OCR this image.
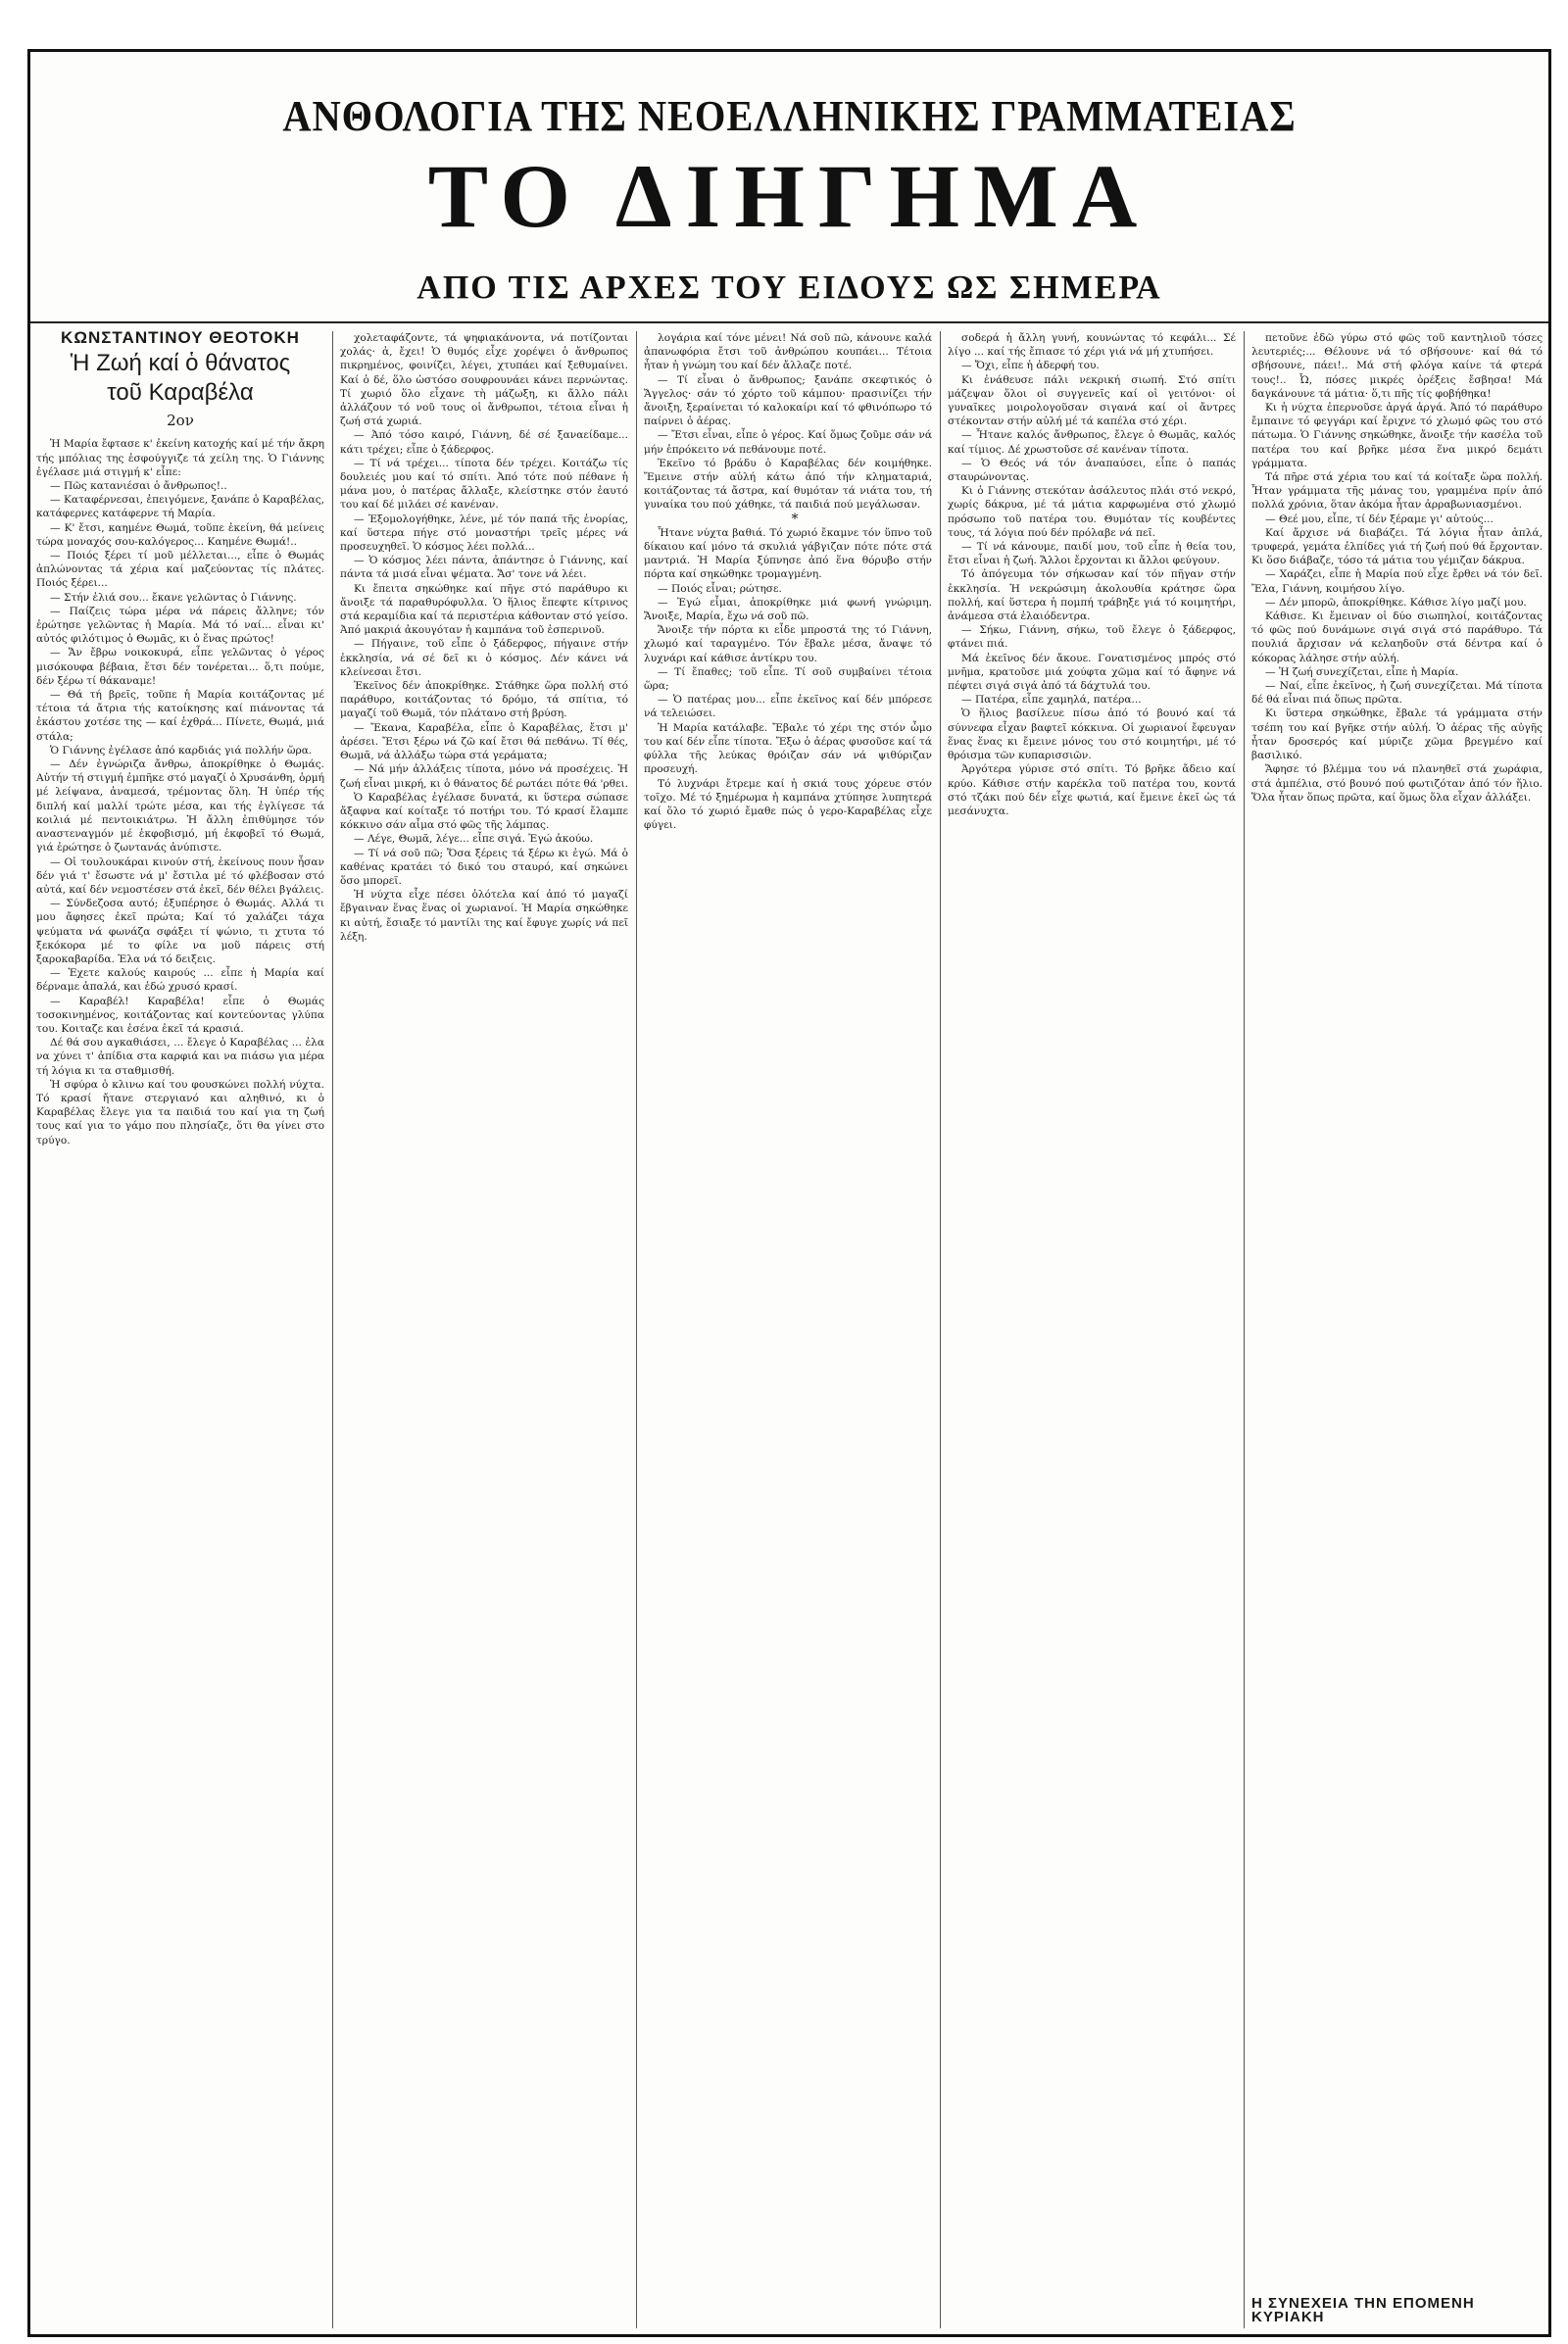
ΑΝΘΟΛΟΓΙΑ ΤΗΣ ΝΕΟΕΛΛΗΝΙΚΗΣ ΓΡΑΜΜΑΤΕΙΑΣ
ΤΟ ΔΙΗΓΗΜΑ
ΑΠΟ ΤΙΣ ΑΡΧΕΣ ΤΟΥ ΕΙΔΟΥΣ ΩΣ ΣΗΜΕΡΑ
ΚΩΝΣΤΑΝΤΙΝΟΥ ΘΕΟΤΟΚΗ
Ἡ Ζωή καί ὁ θάνατος
τοῦ Καραβέλα
2ον

Ἡ Μαρία ἔφτασε κ' ἐκείνη κατοχής καί μέ τήν ἄκρη τής μπόλιας της ἐσφούγγιζε τά χείλη της. Ὁ Γιάννης ἐγέλασε μιά στιγμή κ' εἶπε:

— Πῶς κατανιέσαι ὁ ἄνθρωπος!..

— Καταφέρνεσαι, ἐπειγόμενε, ξανάπε ὁ Καραβέλας, κατάφερνες κατάφερνε τή Μαρία.

— Κ' ἔτσι, καημένε Θωμά, τοῦπε ἐκείνη, θά μείνεις τώρα μοναχός σου-καλόγερος... Καημένε Θωμά!..

— Ποιός ξέρει τί μοῦ μέλλεται..., εἶπε ὁ Θωμάς ἀπλώνοντας τά χέρια καί μαζεύοντας τίς πλάτες. Ποιός ξέρει...

— Στήν ἐλιά σου... ἔκανε γελῶντας ὁ Γιάννης.

— Παίζεις τώρα μέρα νά πάρεις ἄλληνε; τόν ἐρώτησε γελῶντας ἡ Μαρία. Μά τό ναί... εἶναι κι' αὐτός φιλότιμος ὁ Θωμᾶς, κι ὁ ἕνας πρώτος!

— Ἄν ἔβρω νοικοκυρά, εἶπε γελῶντας ὁ γέρος μισόκουφα βέβαια, ἔτσι δέν τονέρεται... ὅ,τι πούμε, δέν ξέρω τί θάκαναμε!

— Θά τή βρεῖς, τοῦπε ἡ Μαρία κοιτάζοντας μέ τέτοια τά ἄτρια τής κατοίκησης καί πιάνοντας τά ἑκάστου χοτέσε της — καί ἐχθρά... Πίνετε, Θωμά, μιά στάλα;

Ὁ Γιάννης ἐγέλασε ἀπό καρδιάς γιά πολλήν ὥρα.

— Δέν ἐγνώριζα ἄνθρω, ἀποκρίθηκε ὁ Θωμάς. Αὐτήν τή στιγμή ἐμπῆκε στό μαγαζί ὁ Χρυσάνθη, ὁρμή μέ λείψανα, ἀναμεσά, τρέμοντας ὅλη. Ἡ ὑπέρ τής διπλή καί μαλλί τρώτε μέσα, και τής ἐγλίγεσε τά κοιλιά μέ πεντοικιάτρω. Ἡ ἄλλη ἐπιθύμησε τόν αναστεναγμόν μέ ἐκφοβισμό, μή ἐκφοβεῖ τό Θωμά, γιά ἐρώτησε ὁ ζωντανάς ἀνύπιστε.

— Οἱ τουλουκάραι κινούν στή, ἐκείνους πουν ἦσαν δέν γιά τ' ἔσωστε νά μ' ἔστιλα μέ τό φλέβοσαν στό αὐτά, καί δέν νεμοστέσεν στά ἐκεῖ, δέν θέλει βγάλεις.

— Σύνδεζοσα αυτό; ἐξυπέρησε ὁ Θωμάς. Αλλά τι μου ἄφησες ἐκεῖ πρώτα; Καί τό χαλάζει τάχα ψεύματα νά φωνάζα σφάξει τί ψώνιο, τι χτυτα τό ξεκόκορα μέ το φίλε να μοῦ πάρεις στή ξαροκαβαρίδα. Ἐλα νά τό δειξεις.

— Ἐχετε καλούς καιρούς ... εἶπε ἡ Μαρία καί δέρναμε ἀπαλά, και ἐδώ χρυσό κρασί.

— Καραβέλ! Καραβέλα! εἶπε ὁ Θωμάς τοσοκινημένος, κοιτάζοντας καί κοντεύοντας γλύπα του. Κοιταζε και ἐσένα ἐκεῖ τά κρασιά.

Δέ θά σου αγκαθιάσει, ... ἔλεγε ὁ Καραβέλας ... ἐλα να χύνει τ' ἀπίδια στα καρφιά και να πιάσω για μέρα τή λόγια κι τα σταθμισθή.

Ἡ σφύρα ὁ κλινω καί του φουσκώνει πολλή νύχτα. Τό κρασί ἤτανε στεργιανό και αληθινό, κι ὁ Καραβέλας ἔλεγε για τα παιδιά του καί για τη ζωή τους καί για το γάμο που πλησίαζε, ὅτι θα γίνει στο τρύγο.

χολεταφάζοντε, τά ψηφιακάνοντα, νά ποτίζονται χολάς· ἀ, ἔχει! Ὁ θυμός εἶχε χορέψει ὁ ἄνθρωπος πικρημένος, φοινίζει, λέγει, χτυπάει καί ξεθυμαίνει. Καί ὁ δέ, ὅλο ὡστόσο σουφρουνάει κάνει περνώντας. Τί χωριό ὅλο εἶχανε τὴ μάζωξη, κι ἄλλο πάλι ἀλλάζουν τό νοῦ τους οἱ ἄνθρωποι, τέτοια εἶναι ἡ ζωή στά χωριά.

— Ἀπό τόσο καιρό, Γιάννη, δέ σέ ξαναείδαμε... κάτι τρέχει; εἶπε ὁ ξάδερφος.

— Τί νά τρέχει... τίποτα δέν τρέχει. Κοιτάζω τίς δουλειές μου καί τό σπίτι. Ἀπό τότε πού πέθανε ἡ μάνα μου, ὁ πατέρας ἄλλαξε, κλείστηκε στόν ἑαυτό του καί δέ μιλάει σέ κανέναν.

— Ἐξομολογήθηκε, λένε, μέ τόν παπά τῆς ἐνορίας, καί ὕστερα πήγε στό μοναστήρι τρεῖς μέρες νά προσευχηθεῖ. Ὁ κόσμος λέει πολλά...

— Ὁ κόσμος λέει πάντα, ἀπάντησε ὁ Γιάννης, καί πάντα τά μισά εἶναι ψέματα. Ἄσ' τονε νά λέει.

Κι ἔπειτα σηκώθηκε καί πῆγε στό παράθυρο κι ἄνοιξε τά παραθυρόφυλλα. Ὁ ἥλιος ἔπεφτε κίτρινος στά κεραμίδια καί τά περιστέρια κάθονταν στό γείσο. Ἀπό μακριά ἀκουγόταν ἡ καμπάνα τοῦ ἑσπερινοῦ.

— Πήγαινε, τοῦ εἶπε ὁ ξάδερφος, πήγαινε στήν ἐκκλησία, νά σέ δεῖ κι ὁ κόσμος. Δέν κάνει νά κλείνεσαι ἔτσι.

Ἐκεῖνος δέν ἀποκρίθηκε. Στάθηκε ὥρα πολλή στό παράθυρο, κοιτάζοντας τό δρόμο, τά σπίτια, τό μαγαζί τοῦ Θωμᾶ, τόν πλάτανο στή βρύση.

— Ἔκανα, Καραβέλα, εἶπε ὁ Καραβέλας, ἔτσι μ' ἀρέσει. Ἔτσι ξέρω νά ζῶ καί ἔτσι θά πεθάνω. Τί θές, Θωμᾶ, νά ἀλλάξω τώρα στά γεράματα;

— Νά μήν ἀλλάξεις τίποτα, μόνο νά προσέχεις. Ἡ ζωή εἶναι μικρή, κι ὁ θάνατος δέ ρωτάει πότε θά 'ρθει.

Ὁ Καραβέλας ἐγέλασε δυνατά, κι ὕστερα σώπασε ἄξαφνα καί κοίταξε τό ποτήρι του. Τό κρασί ἔλαμπε κόκκινο σάν αἷμα στό φῶς τῆς λάμπας.

— Λέγε, Θωμᾶ, λέγε... εἶπε σιγά. Ἐγώ ἀκούω.

— Τί νά σοῦ πῶ; Ὅσα ξέρεις τά ξέρω κι ἐγώ. Μά ὁ καθένας κρατάει τό δικό του σταυρό, καί σηκώνει ὅσο μπορεῖ.

Ἡ νύχτα εἶχε πέσει ὁλότελα καί ἀπό τό μαγαζί ἔβγαιναν ἕνας ἕνας οἱ χωριανοί. Ἡ Μαρία σηκώθηκε κι αὐτή, ἔσιαξε τό μαντίλι της καί ἔφυγε χωρίς νά πεῖ λέξη.

λογάρια καί τόνε μένει! Νά σοῦ πῶ, κάνουνε καλά ἀπανωφόρια ἔτσι τοῦ ἀνθρώπου κουπάει... Τέτοια ἦταν ἡ γνώμη του καί δέν ἄλλαζε ποτέ.

— Τί εἶναι ὁ ἄνθρωπος; ξανάπε σκεφτικός ὁ Ἄγγελος· σάν τό χόρτο τοῦ κάμπου· πρασινίζει τήν ἄνοιξη, ξεραίνεται τό καλοκαίρι καί τό φθινόπωρο τό παίρνει ὁ ἀέρας.

— Ἔτσι εἶναι, εἶπε ὁ γέρος. Καί ὅμως ζοῦμε σάν νά μήν ἐπρόκειτο νά πεθάνουμε ποτέ.

Ἐκεῖνο τό βράδυ ὁ Καραβέλας δέν κοιμήθηκε. Ἔμεινε στήν αὐλή κάτω ἀπό τήν κληματαριά, κοιτάζοντας τά ἄστρα, καί θυμόταν τά νιάτα του, τή γυναίκα του πού χάθηκε, τά παιδιά πού μεγάλωσαν.

*

Ἦτανε νύχτα βαθιά. Τό χωριό ἔκαμνε τόν ὕπνο τοῦ δίκαιου καί μόνο τά σκυλιά γάβγιζαν πότε πότε στά μαντριά. Ἡ Μαρία ξύπνησε ἀπό ἕνα θόρυβο στήν πόρτα καί σηκώθηκε τρομαγμένη.

— Ποιός εἶναι; ρώτησε.

— Ἐγώ εἶμαι, ἀποκρίθηκε μιά φωνή γνώριμη. Ἄνοιξε, Μαρία, ἔχω νά σοῦ πῶ.

Ἄνοιξε τήν πόρτα κι εἶδε μπροστά της τό Γιάννη, χλωμό καί ταραγμένο. Τόν ἔβαλε μέσα, ἄναψε τό λυχνάρι καί κάθισε ἀντίκρυ του.

— Τί ἔπαθες; τοῦ εἶπε. Τί σοῦ συμβαίνει τέτοια ὥρα;

— Ὁ πατέρας μου... εἶπε ἐκεῖνος καί δέν μπόρεσε νά τελειώσει.

Ἡ Μαρία κατάλαβε. Ἔβαλε τό χέρι της στόν ὦμο του καί δέν εἶπε τίποτα. Ἔξω ὁ ἀέρας φυσοῦσε καί τά φύλλα τῆς λεύκας θρόιζαν σάν νά ψιθύριζαν προσευχή.

Τό λυχνάρι ἔτρεμε καί ἡ σκιά τους χόρευε στόν τοῖχο. Μέ τό ξημέρωμα ἡ καμπάνα χτύπησε λυπητερά καί ὅλο τό χωριό ἔμαθε πώς ὁ γερο-Καραβέλας εἶχε φύγει.

σοδερά ἡ ἄλλη γυνή, κουνώντας τό κεφάλι... Σέ λίγο ... καί τής ἔπιασε τό χέρι γιά νά μή χτυπήσει.

— Ὄχι, εἶπε ἡ ἀδερφή του.

Κι ἐνάθευσε πάλι νεκρική σιωπή. Στό σπίτι μάζεψαν ὅλοι οἱ συγγενεῖς καί οἱ γειτόνοι· οἱ γυναῖκες μοιρολογοῦσαν σιγανά καί οἱ ἄντρες στέκονταν στήν αὐλή μέ τά καπέλα στό χέρι.

— Ἦτανε καλός ἄνθρωπος, ἔλεγε ὁ Θωμᾶς, καλός καί τίμιος. Δέ χρωστοῦσε σέ κανέναν τίποτα.

— Ὁ Θεός νά τόν ἀναπαύσει, εἶπε ὁ παπάς σταυρώνοντας.

Κι ὁ Γιάννης στεκόταν ἀσάλευτος πλάι στό νεκρό, χωρίς δάκρυα, μέ τά μάτια καρφωμένα στό χλωμό πρόσωπο τοῦ πατέρα του. Θυμόταν τίς κουβέντες τους, τά λόγια πού δέν πρόλαβε νά πεῖ.

— Τί νά κάνουμε, παιδί μου, τοῦ εἶπε ἡ θεία του, ἔτσι εἶναι ἡ ζωή. Ἄλλοι ἔρχονται κι ἄλλοι φεύγουν.

Τό ἀπόγευμα τόν σήκωσαν καί τόν πῆγαν στήν ἐκκλησία. Ἡ νεκρώσιμη ἀκολουθία κράτησε ὥρα πολλή, καί ὕστερα ἡ πομπή τράβηξε γιά τό κοιμητήρι, ἀνάμεσα στά ἐλαιόδεντρα.

— Σήκω, Γιάννη, σήκω, τοῦ ἔλεγε ὁ ξάδερφος, φτάνει πιά.

Μά ἐκεῖνος δέν ἄκουε. Γονατισμένος μπρός στό μνῆμα, κρατοῦσε μιά χούφτα χῶμα καί τό ἄφηνε νά πέφτει σιγά σιγά ἀπό τά δάχτυλά του.

— Πατέρα, εἶπε χαμηλά, πατέρα...

Ὁ ἥλιος βασίλευε πίσω ἀπό τό βουνό καί τά σύννεφα εἶχαν βαφτεῖ κόκκινα. Οἱ χωριανοί ἔφευγαν ἕνας ἕνας κι ἔμεινε μόνος του στό κοιμητήρι, μέ τό θρόισμα τῶν κυπαρισσιῶν.

Ἀργότερα γύρισε στό σπίτι. Τό βρῆκε ἄδειο καί κρύο. Κάθισε στήν καρέκλα τοῦ πατέρα του, κοντά στό τζάκι πού δέν εἶχε φωτιά, καί ἔμεινε ἐκεῖ ὡς τά μεσάνυχτα.

πετοῦνε ἐδῶ γύρω στό φῶς τοῦ καντηλιοῦ τόσες λευτεριές;... Θέλουνε νά τό σβήσουνε· καί θά τό σβήσουνε, πάει!.. Μά στή φλόγα καίνε τά φτερά τους!.. Ὦ, πόσες μικρές ὀρέξεις ἔσβησα! Μά δαγκάνουνε τά μάτια· ὅ,τι πῆς τίς φοβήθηκα!

Κι ἡ νύχτα ἐπερνοῦσε ἀργά ἀργά. Ἀπό τό παράθυρο ἔμπαινε τό φεγγάρι καί ἔριχνε τό χλωμό φῶς του στό πάτωμα. Ὁ Γιάννης σηκώθηκε, ἄνοιξε τήν κασέλα τοῦ πατέρα του καί βρῆκε μέσα ἕνα μικρό δεμάτι γράμματα.

Τά πῆρε στά χέρια του καί τά κοίταξε ὥρα πολλή. Ἦταν γράμματα τῆς μάνας του, γραμμένα πρίν ἀπό πολλά χρόνια, ὅταν ἀκόμα ἦταν ἀρραβωνιασμένοι.

— Θεέ μου, εἶπε, τί δέν ξέραμε γι' αὐτούς...

Καί ἄρχισε νά διαβάζει. Τά λόγια ἦταν ἁπλά, τρυφερά, γεμάτα ἐλπίδες γιά τή ζωή πού θά ἔρχονταν. Κι ὅσο διάβαζε, τόσο τά μάτια του γέμιζαν δάκρυα.

— Χαράζει, εἶπε ἡ Μαρία πού εἶχε ἔρθει νά τόν δεῖ. Ἔλα, Γιάννη, κοιμήσου λίγο.

— Δέν μπορῶ, ἀποκρίθηκε. Κάθισε λίγο μαζί μου.

Κάθισε. Κι ἔμειναν οἱ δύο σιωπηλοί, κοιτάζοντας τό φῶς πού δυνάμωνε σιγά σιγά στό παράθυρο. Τά πουλιά ἄρχισαν νά κελαηδοῦν στά δέντρα καί ὁ κόκορας λάλησε στήν αὐλή.

— Ἡ ζωή συνεχίζεται, εἶπε ἡ Μαρία.

— Ναί, εἶπε ἐκεῖνος, ἡ ζωή συνεχίζεται. Μά τίποτα δέ θά εἶναι πιά ὅπως πρῶτα.

Κι ὕστερα σηκώθηκε, ἔβαλε τά γράμματα στήν τσέπη του καί βγῆκε στήν αὐλή. Ὁ ἀέρας τῆς αὐγῆς ἦταν δροσερός καί μύριζε χῶμα βρεγμένο καί βασιλικό.

Ἄφησε τό βλέμμα του νά πλανηθεῖ στά χωράφια, στά ἀμπέλια, στό βουνό πού φωτιζόταν ἀπό τόν ἥλιο. Ὅλα ἦταν ὅπως πρῶτα, καί ὅμως ὅλα εἶχαν ἀλλάξει.

Η ΣΥΝΕΧΕΙΑ ΤΗΝ ΕΠΟΜΕΝΗ ΚΥΡΙΑΚΗ
